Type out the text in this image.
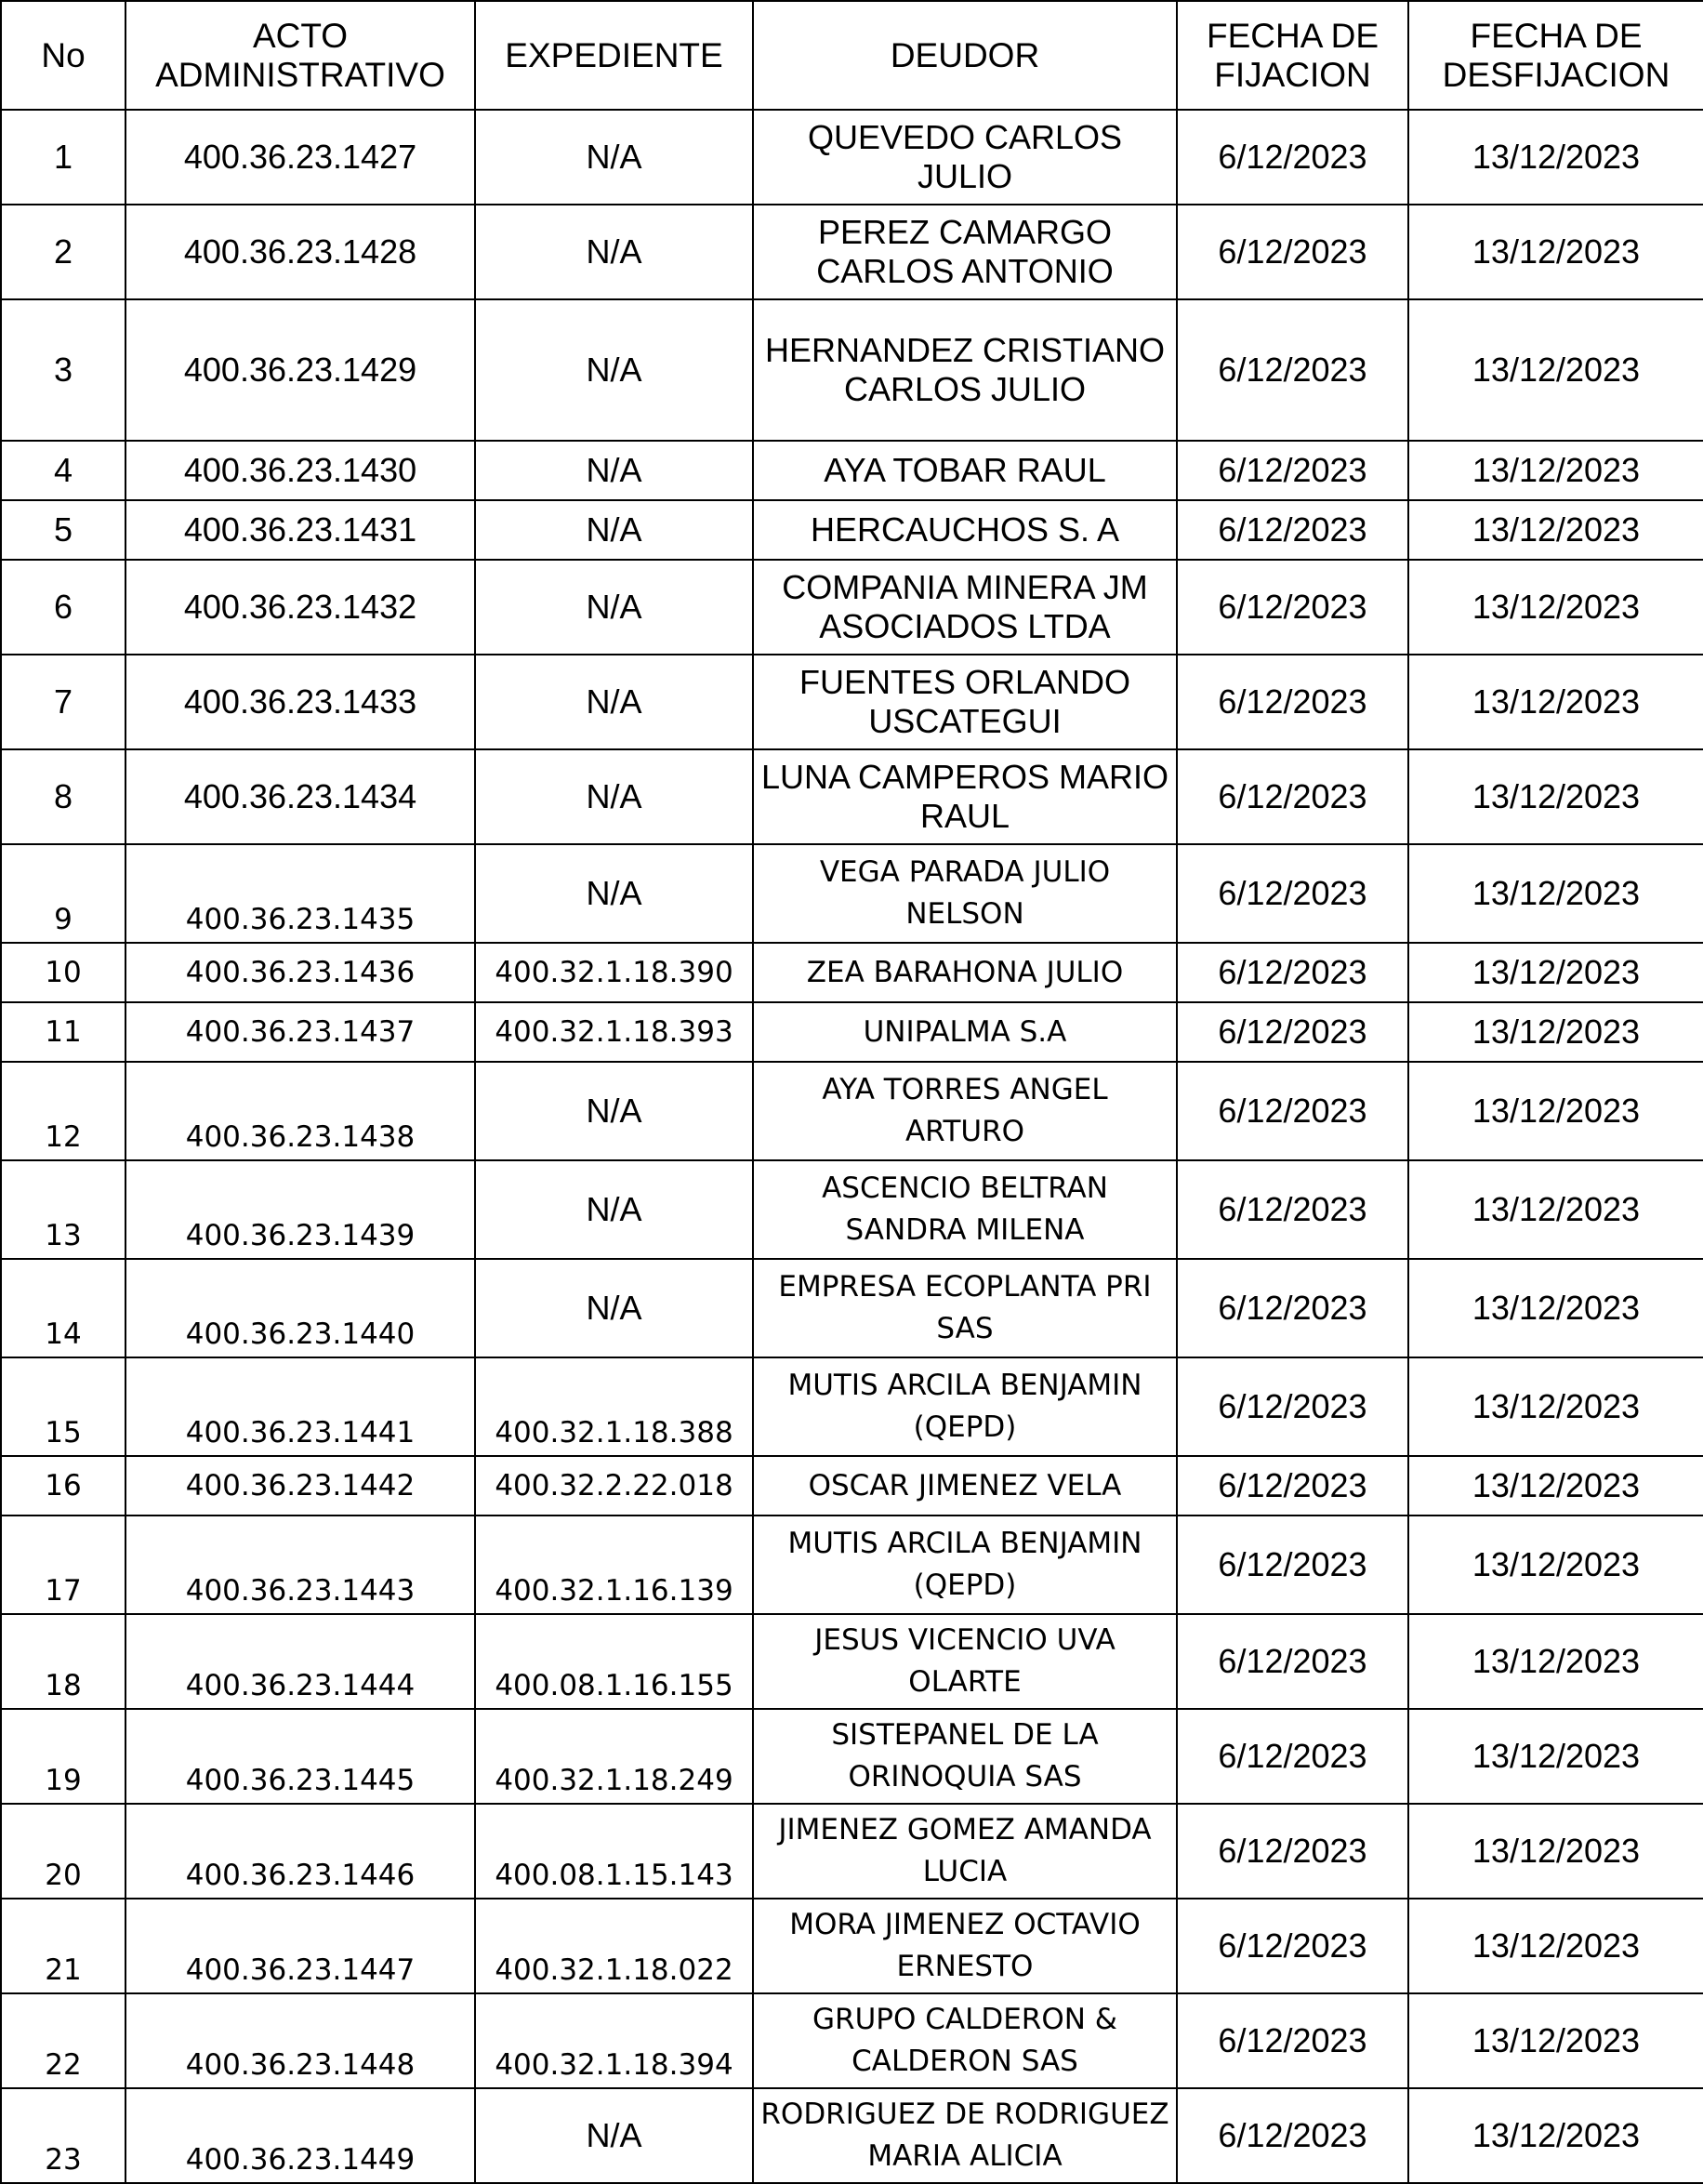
No	ACTO ADMINISTRATIVO	EXPEDIENTE	DEUDOR	FECHA DE FIJACION	FECHA DE DESFIJACION
1	400.36.23.1427	N/A	QUEVEDO CARLOS JULIO	6/12/2023	13/12/2023
2	400.36.23.1428	N/A	PEREZ CAMARGO CARLOS ANTONIO	6/12/2023	13/12/2023
3	400.36.23.1429	N/A	HERNANDEZ CRISTIANO CARLOS JULIO	6/12/2023	13/12/2023
4	400.36.23.1430	N/A	AYA TOBAR RAUL	6/12/2023	13/12/2023
5	400.36.23.1431	N/A	HERCAUCHOS S. A	6/12/2023	13/12/2023
6	400.36.23.1432	N/A	COMPANIA MINERA JM ASOCIADOS LTDA	6/12/2023	13/12/2023
7	400.36.23.1433	N/A	FUENTES ORLANDO USCATEGUI	6/12/2023	13/12/2023
8	400.36.23.1434	N/A	LUNA CAMPEROS MARIO RAUL	6/12/2023	13/12/2023
9	400.36.23.1435	N/A	VEGA PARADA JULIO NELSON	6/12/2023	13/12/2023
10	400.36.23.1436	400.32.1.18.390	ZEA BARAHONA JULIO	6/12/2023	13/12/2023
11	400.36.23.1437	400.32.1.18.393	UNIPALMA S.A	6/12/2023	13/12/2023
12	400.36.23.1438	N/A	AYA TORRES ANGEL ARTURO	6/12/2023	13/12/2023
13	400.36.23.1439	N/A	ASCENCIO BELTRAN SANDRA MILENA	6/12/2023	13/12/2023
14	400.36.23.1440	N/A	EMPRESA ECOPLANTA PRI SAS	6/12/2023	13/12/2023
15	400.36.23.1441	400.32.1.18.388	MUTIS ARCILA BENJAMIN (QEPD)	6/12/2023	13/12/2023
16	400.36.23.1442	400.32.2.22.018	OSCAR JIMENEZ VELA	6/12/2023	13/12/2023
17	400.36.23.1443	400.32.1.16.139	MUTIS ARCILA BENJAMIN (QEPD)	6/12/2023	13/12/2023
18	400.36.23.1444	400.08.1.16.155	JESUS VICENCIO UVA OLARTE	6/12/2023	13/12/2023
19	400.36.23.1445	400.32.1.18.249	SISTEPANEL DE LA ORINOQUIA SAS	6/12/2023	13/12/2023
20	400.36.23.1446	400.08.1.15.143	JIMENEZ GOMEZ AMANDA LUCIA	6/12/2023	13/12/2023
21	400.36.23.1447	400.32.1.18.022	MORA JIMENEZ OCTAVIO ERNESTO	6/12/2023	13/12/2023
22	400.36.23.1448	400.32.1.18.394	GRUPO CALDERON & CALDERON SAS	6/12/2023	13/12/2023
23	400.36.23.1449	N/A	RODRIGUEZ DE RODRIGUEZ MARIA ALICIA	6/12/2023	13/12/2023
